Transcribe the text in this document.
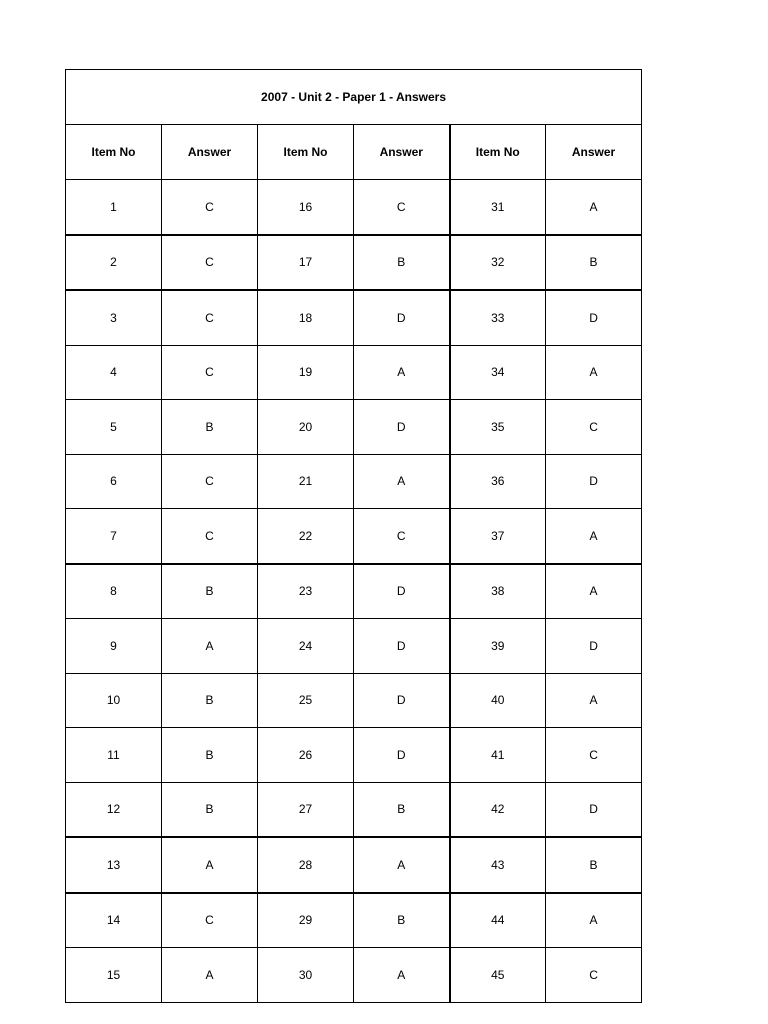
2007 - Unit 2 - Paper 1 - Answers					
Item No	Answer	Item No	Answer	Item No	Answer
1	C	16	C	31	A
2	C	17	B	32	B
3	C	18	D	33	D
4	C	19	A	34	A
5	B	20	D	35	C
6	C	21	A	36	D
7	C	22	C	37	A
8	B	23	D	38	A
9	A	24	D	39	D
10	B	25	D	40	A
11	B	26	D	41	C
12	B	27	B	42	D
13	A	28	A	43	B
14	C	29	B	44	A
15	A	30	A	45	C
